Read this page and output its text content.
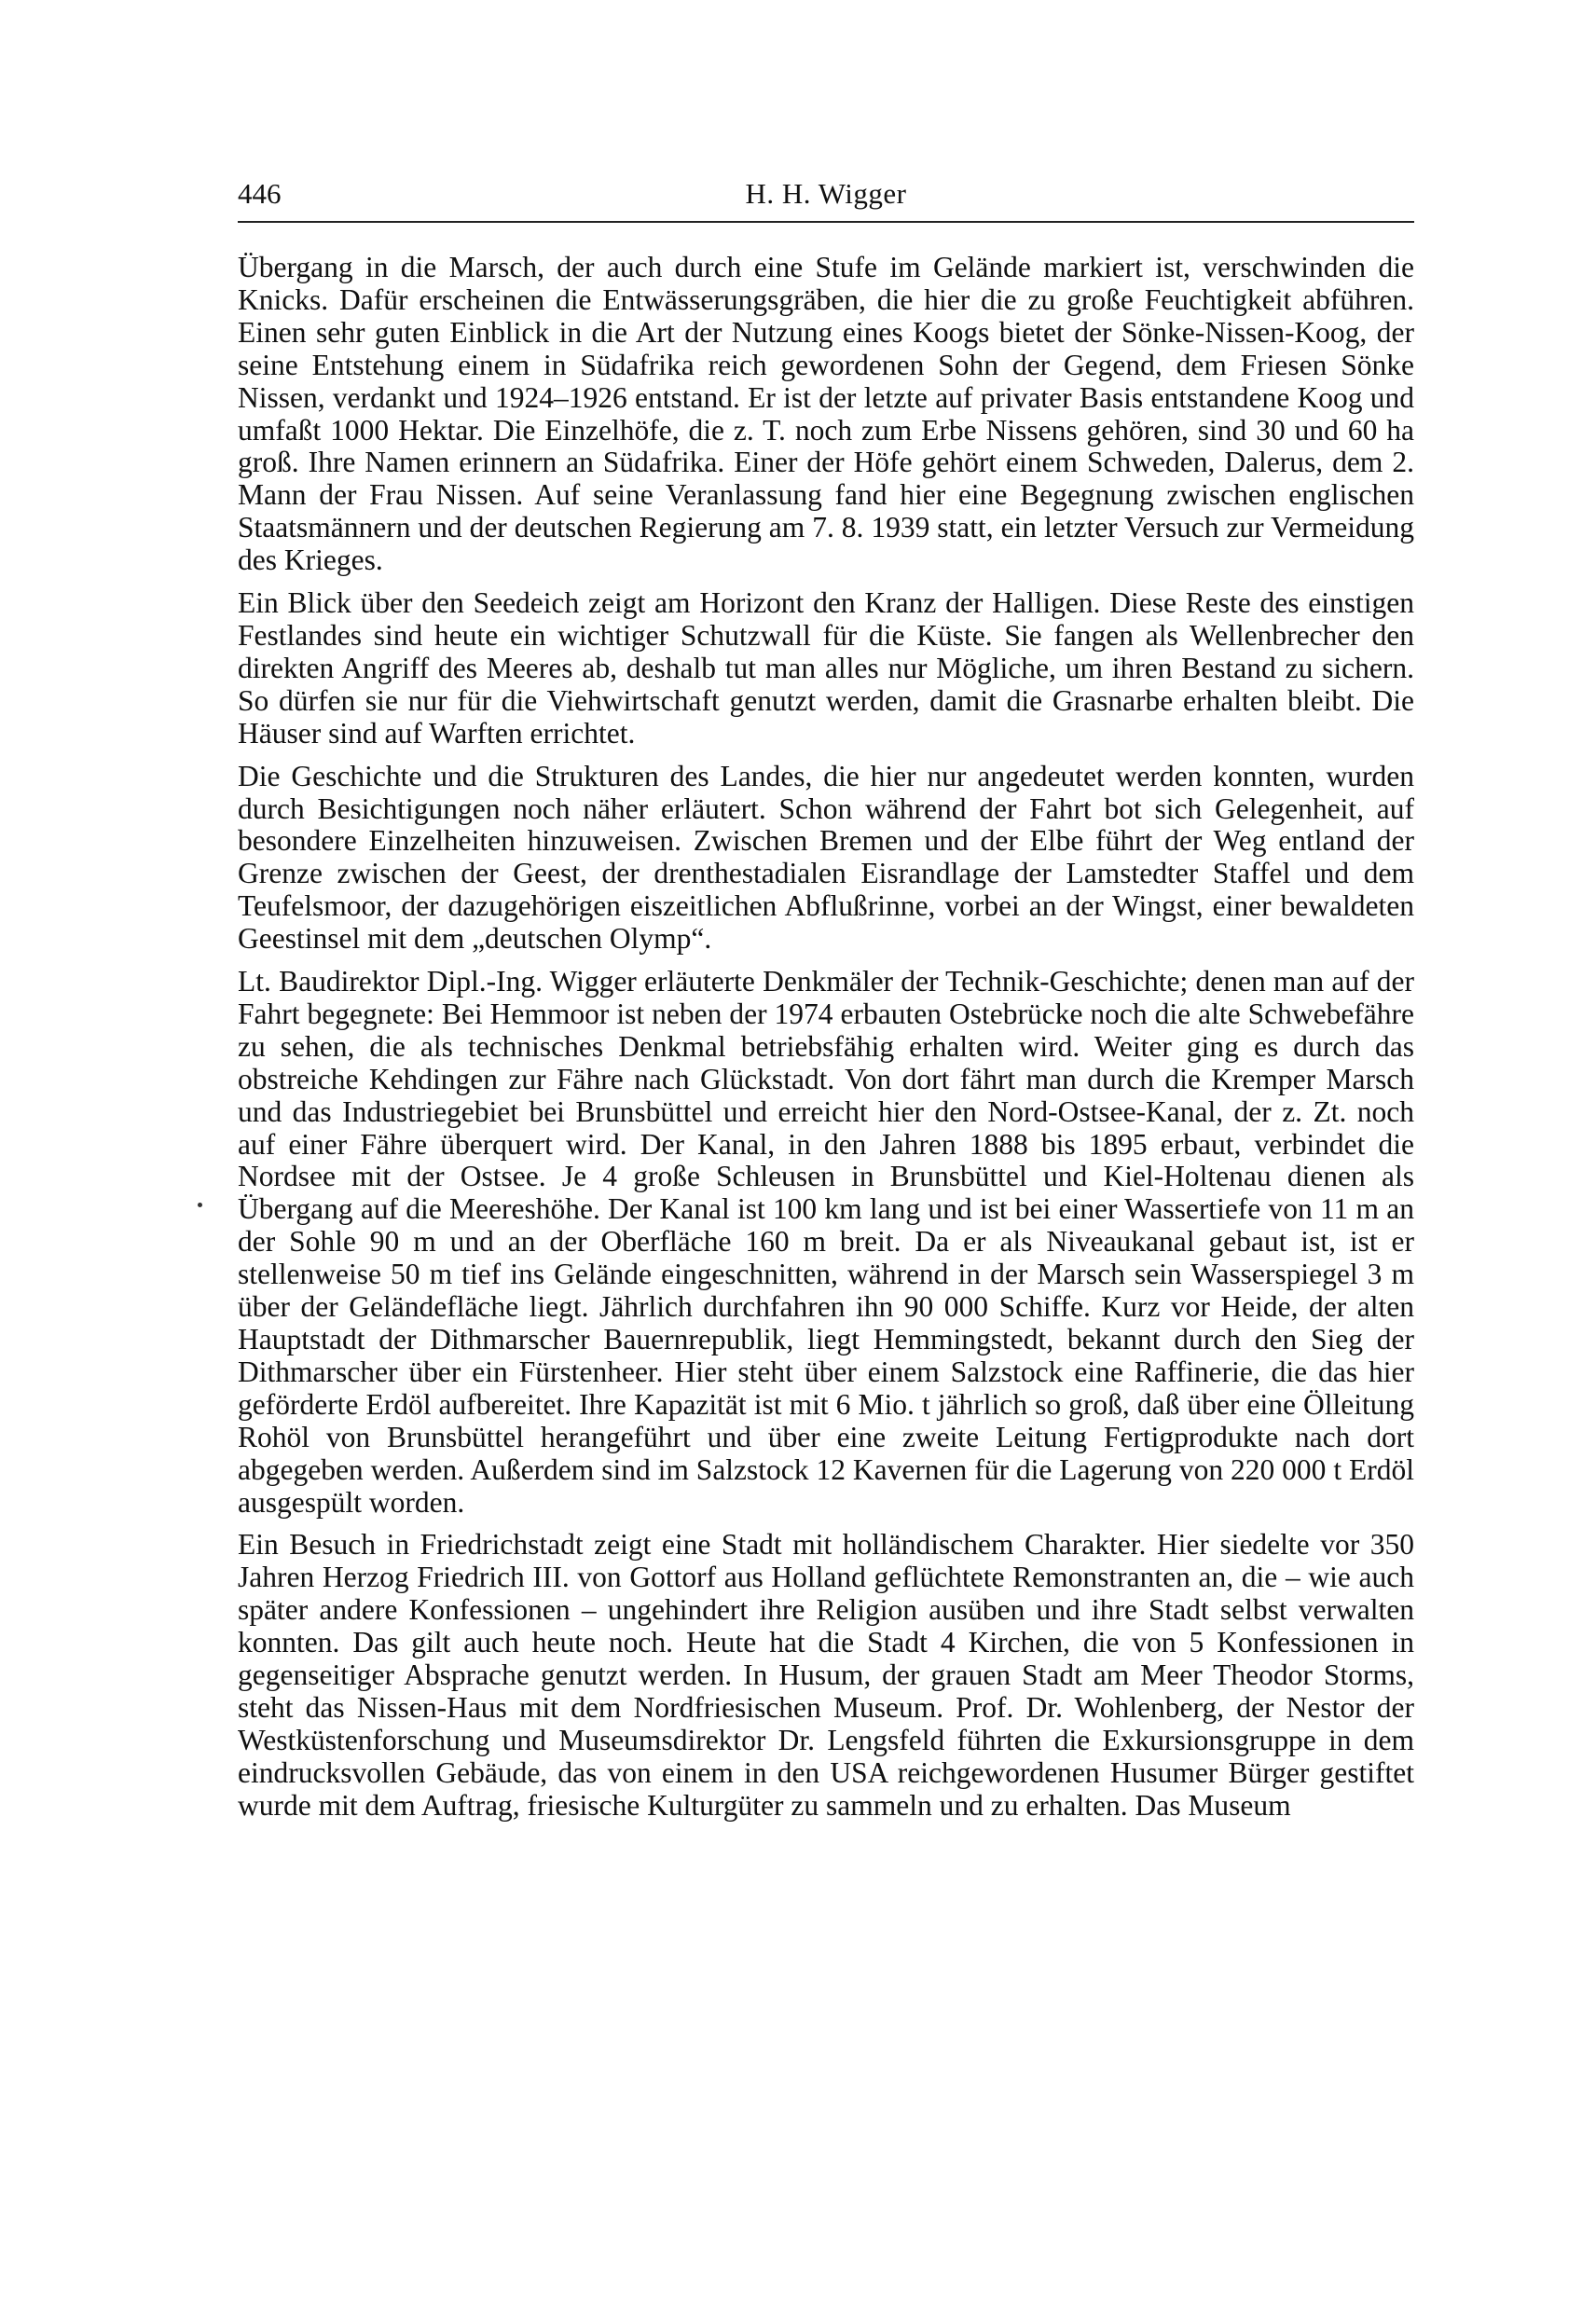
446	H. H. Wigger

Übergang in die Marsch, der auch durch eine Stufe im Gelände markiert ist, verschwinden die Knicks. Dafür erscheinen die Entwässerungsgräben, die hier die zu große Feuchtigkeit abführen. Einen sehr guten Einblick in die Art der Nutzung eines Koogs bietet der Sönke-Nissen-Koog, der seine Entstehung einem in Südafrika reich gewordenen Sohn der Gegend, dem Friesen Sönke Nissen, verdankt und 1924–1926 entstand. Er ist der letzte auf privater Basis entstandene Koog und umfaßt 1000 Hektar. Die Einzelhöfe, die z. T. noch zum Erbe Nissens gehören, sind 30 und 60 ha groß. Ihre Namen erinnern an Südafrika. Einer der Höfe gehört einem Schweden, Dalerus, dem 2. Mann der Frau Nissen. Auf seine Veranlassung fand hier eine Begegnung zwischen englischen Staatsmännern und der deutschen Regierung am 7. 8. 1939 statt, ein letzter Versuch zur Vermeidung des Krieges.

Ein Blick über den Seedeich zeigt am Horizont den Kranz der Halligen. Diese Reste des einstigen Festlandes sind heute ein wichtiger Schutzwall für die Küste. Sie fangen als Wellenbrecher den direkten Angriff des Meeres ab, deshalb tut man alles nur Mögliche, um ihren Bestand zu sichern. So dürfen sie nur für die Viehwirtschaft genutzt werden, damit die Grasnarbe erhalten bleibt. Die Häuser sind auf Warften errichtet.

Die Geschichte und die Strukturen des Landes, die hier nur angedeutet werden konnten, wurden durch Besichtigungen noch näher erläutert. Schon während der Fahrt bot sich Gelegenheit, auf besondere Einzelheiten hinzuweisen. Zwischen Bremen und der Elbe führt der Weg entland der Grenze zwischen der Geest, der drenthestadialen Eisrandlage der Lamstedter Staffel und dem Teufelsmoor, der dazugehörigen eiszeitlichen Abflußrinne, vorbei an der Wingst, einer bewaldeten Geestinsel mit dem „deutschen Olymp“.

Lt. Baudirektor Dipl.-Ing. Wigger erläuterte Denkmäler der Technik-Geschichte; denen man auf der Fahrt begegnete: Bei Hemmoor ist neben der 1974 erbauten Ostebrücke noch die alte Schwebefähre zu sehen, die als technisches Denkmal betriebsfähig erhalten wird. Weiter ging es durch das obstreiche Kehdingen zur Fähre nach Glückstadt. Von dort fährt man durch die Kremper Marsch und das Industriegebiet bei Brunsbüttel und erreicht hier den Nord-Ostsee-Kanal, der z. Zt. noch auf einer Fähre überquert wird. Der Kanal, in den Jahren 1888 bis 1895 erbaut, verbindet die Nordsee mit der Ostsee. Je 4 große Schleusen in Brunsbüttel und Kiel-Holtenau dienen als Übergang auf die Meereshöhe. Der Kanal ist 100 km lang und ist bei einer Wassertiefe von 11 m an der Sohle 90 m und an der Oberfläche 160 m breit. Da er als Niveaukanal gebaut ist, ist er stellenweise 50 m tief ins Gelände eingeschnitten, während in der Marsch sein Wasserspiegel 3 m über der Geländefläche liegt. Jährlich durchfahren ihn 90 000 Schiffe. Kurz vor Heide, der alten Hauptstadt der Dithmarscher Bauernrepublik, liegt Hemmingstedt, bekannt durch den Sieg der Dithmarscher über ein Fürstenheer. Hier steht über einem Salzstock eine Raffinerie, die das hier geförderte Erdöl aufbereitet. Ihre Kapazität ist mit 6 Mio. t jährlich so groß, daß über eine Ölleitung Rohöl von Brunsbüttel herangeführt und über eine zweite Leitung Fertigprodukte nach dort abgegeben werden. Außerdem sind im Salzstock 12 Kavernen für die Lagerung von 220 000 t Erdöl ausgespült worden.

Ein Besuch in Friedrichstadt zeigt eine Stadt mit holländischem Charakter. Hier siedelte vor 350 Jahren Herzog Friedrich III. von Gottorf aus Holland geflüchtete Remonstranten an, die – wie auch später andere Konfessionen – ungehindert ihre Religion ausüben und ihre Stadt selbst verwalten konnten. Das gilt auch heute noch. Heute hat die Stadt 4 Kirchen, die von 5 Konfessionen in gegenseitiger Absprache genutzt werden. In Husum, der grauen Stadt am Meer Theodor Storms, steht das Nissen-Haus mit dem Nordfriesischen Museum. Prof. Dr. Wohlenberg, der Nestor der Westküstenforschung und Museumsdirektor Dr. Lengsfeld führten die Exkursionsgruppe in dem eindrucksvollen Gebäude, das von einem in den USA reichgewordenen Husumer Bürger gestiftet wurde mit dem Auftrag, friesische Kulturgüter zu sammeln und zu erhalten. Das Museum
